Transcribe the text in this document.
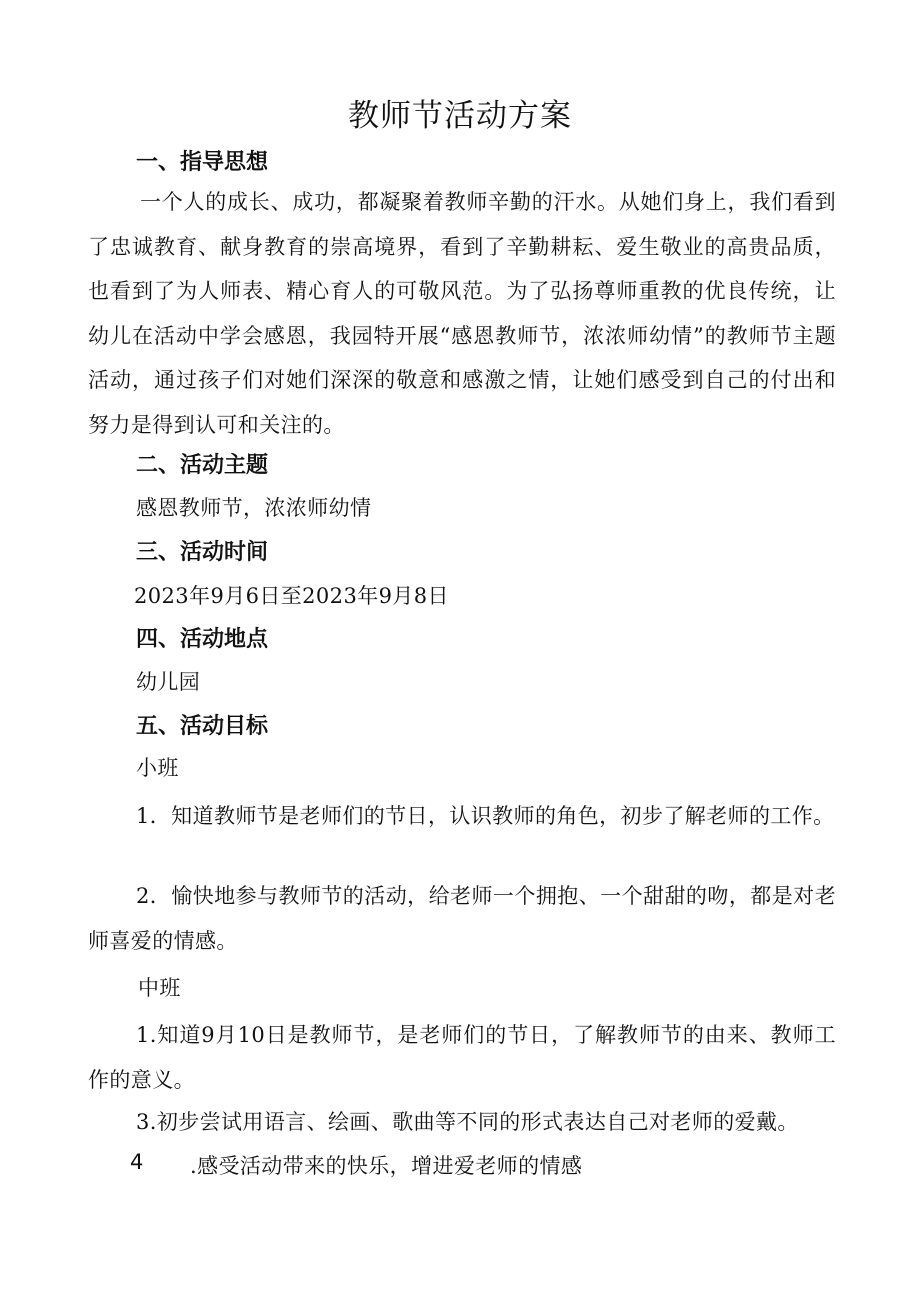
教师节活动方案
一、指导思想
一个人的成长、成功，都凝聚着教师辛勤的汗水。从她们身上，我们看到了忠诚教育、献身教育的崇高境界，看到了辛勤耕耘、爱生敬业的高贵品质，也看到了为人师表、精心育人的可敬风范。为了弘扬尊师重教的优良传统，让幼儿在活动中学会感恩，我园特开展“感恩教师节，浓浓师幼情”的教师节主题活动，通过孩子们对她们深深的敬意和感激之情，让她们感受到自己的付出和努力是得到认可和关注的。
二、活动主题
感恩教师节，浓浓师幼情
三、活动时间
2023年9月6日至2023年9月8日
四、活动地点
幼儿园
五、活动目标
小班
1．知道教师节是老师们的节日，认识教师的角色，初步了解老师的工作。
2．愉快地参与教师节的活动，给老师一个拥抱、一个甜甜的吻，都是对老师喜爱的情感。
中班
1.知道9月10日是教师节，是老师们的节日，了解教师节的由来、教师工作的意义。
3.初步尝试用语言、绘画、歌曲等不同的形式表达自己对老师的爱戴。
4 .感受活动带来的快乐，增进爱老师的情感
